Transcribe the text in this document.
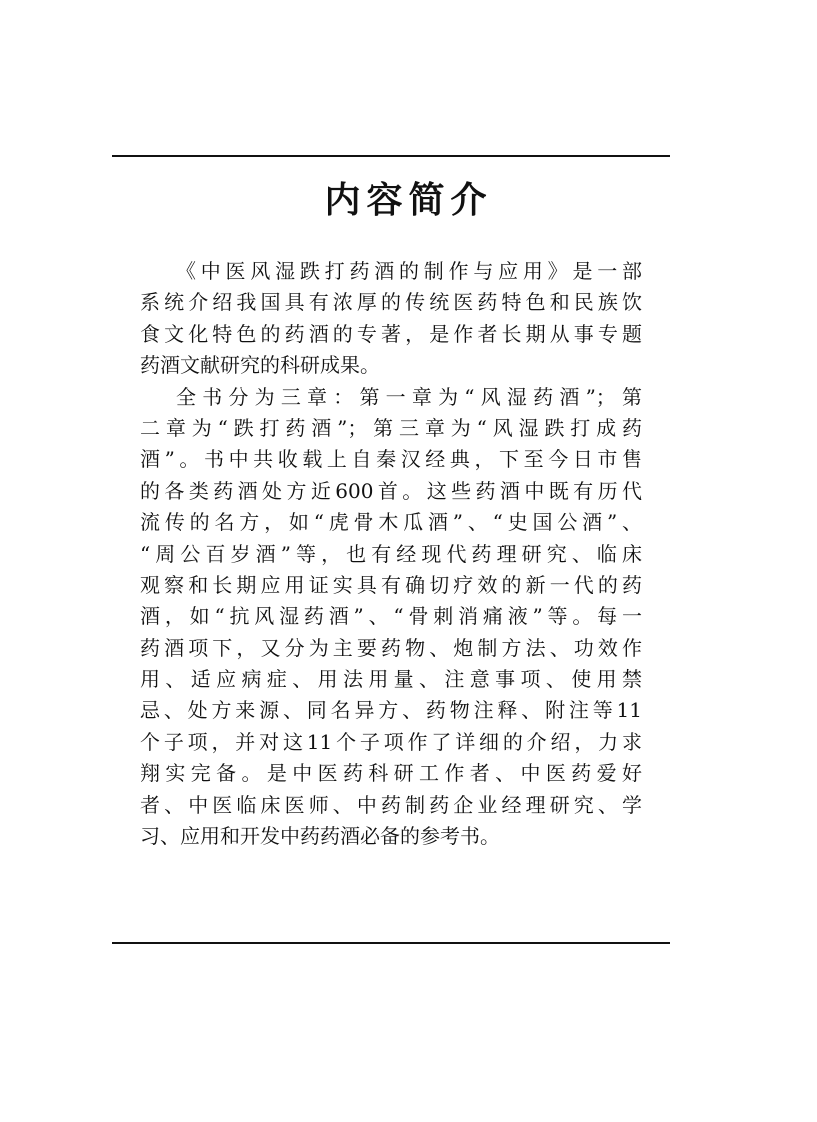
内容简介
《中医风湿跌打药酒的制作与应用》是一部
系统介绍我国具有浓厚的传统医药特色和民族饮
食文化特色的药酒的专著，是作者长期从事专题
药酒文献研究的科研成果。
全书分为三章：第一章为“风湿药酒”；第
二章为“跌打药酒”；第三章为“风湿跌打成药
酒”。书中共收载上自秦汉经典，下至今日市售
的各类药酒处方近600首。这些药酒中既有历代
流传的名方，如“虎骨木瓜酒”、“史国公酒”、
“周公百岁酒”等，也有经现代药理研究、临床
观察和长期应用证实具有确切疗效的新一代的药
酒，如“抗风湿药酒”、“骨刺消痛液”等。每一
药酒项下，又分为主要药物、炮制方法、功效作
用、适应病症、用法用量、注意事项、使用禁
忌、处方来源、同名异方、药物注释、附注等11
个子项，并对这11个子项作了详细的介绍，力求
翔实完备。是中医药科研工作者、中医药爱好
者、中医临床医师、中药制药企业经理研究、学
习、应用和开发中药药酒必备的参考书。
